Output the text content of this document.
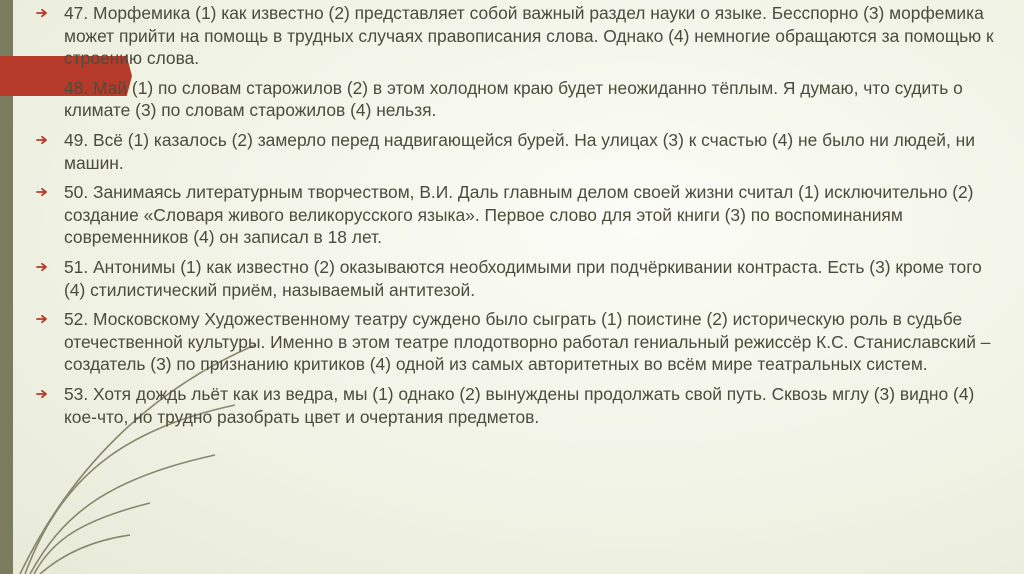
47. Морфемика (1) как известно (2) представляет собой важный раздел науки о языке. Бесспорно (3) морфемика может прийти на помощь в трудных случаях правописания слова. Однако (4) немногие обращаются за помощью к строению слова.
48. Май (1) по словам старожилов (2) в этом холодном краю будет неожиданно тёплым. Я думаю, что судить о климате (3) по словам старожилов (4) нельзя.
49. Всё (1) казалось (2) замерло перед надвигающейся бурей. На улицах (3) к счастью (4) не было ни людей, ни машин.
50. Занимаясь литературным творчеством, В.И. Даль главным делом своей жизни считал (1) исключительно (2) создание «Словаря живого великорусского языка». Первое слово для этой книги (3) по воспоминаниям современников (4) он записал в 18 лет.
51. Антонимы (1) как известно (2) оказываются необходимыми при подчёркивании контраста. Есть (3) кроме того (4) стилистический приём, называемый антитезой.
52. Московскому Художественному театру суждено было сыграть (1) поистине (2) историческую роль в судьбе отечественной культуры. Именно в этом театре плодотворно работал гениальный режиссёр К.С. Станиславский – создатель (3) по признанию критиков (4) одной из самых авторитетных во всём мире театральных систем.
53. Хотя дождь льёт как из ведра, мы (1) однако (2) вынуждены продолжать свой путь. Сквозь мглу (3) видно (4) кое-что, но трудно разобрать цвет и очертания предметов.
